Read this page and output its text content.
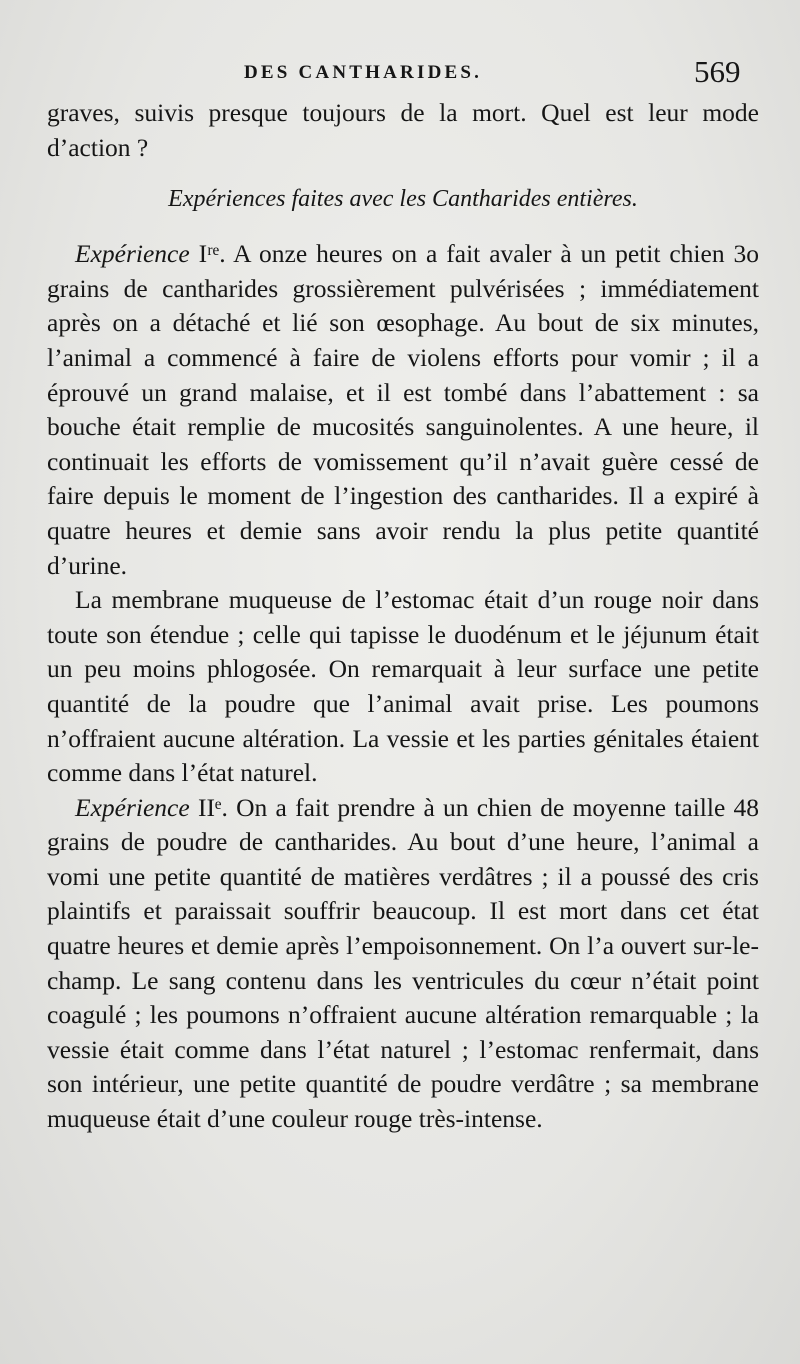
DES CANTHARIDES.	569

graves, suivis presque toujours de la mort. Quel est leur mode d’action ?

Expériences faites avec les Cantharides entières.

Expérience Iʳᵉ. A onze heures on a fait avaler à un petit chien 3o grains de cantharides grossièrement pulvérisées ; immédiatement après on a détaché et lié son œsophage. Au bout de six minutes, l’animal a commencé à faire de violens efforts pour vomir ; il a éprouvé un grand malaise, et il est tombé dans l’abattement : sa bouche était remplie de mucosités sanguinolentes. A une heure, il continuait les efforts de vomissement qu’il n’avait guère cessé de faire depuis le moment de l’ingestion des cantharides. Il a expiré à quatre heures et demie sans avoir rendu la plus petite quantité d’urine.

La membrane muqueuse de l’estomac était d’un rouge noir dans toute son étendue ; celle qui tapisse le duodénum et le jéjunum était un peu moins phlogosée. On remarquait à leur surface une petite quantité de la poudre que l’animal avait prise. Les poumons n’offraient aucune altération. La vessie et les parties génitales étaient comme dans l’état naturel.

Expérience IIᵉ. On a fait prendre à un chien de moyenne taille 48 grains de poudre de cantharides. Au bout d’une heure, l’animal a vomi une petite quantité de matières verdâtres ; il a poussé des cris plaintifs et paraissait souffrir beaucoup. Il est mort dans cet état quatre heures et demie après l’empoisonnement. On l’a ouvert sur-le-champ. Le sang contenu dans les ventricules du cœur n’était point coagulé ; les poumons n’offraient aucune altération remarquable ; la vessie était comme dans l’état naturel ; l’estomac renfermait, dans son intérieur, une petite quantité de poudre verdâtre ; sa membrane muqueuse était d’une couleur rouge très-intense.
